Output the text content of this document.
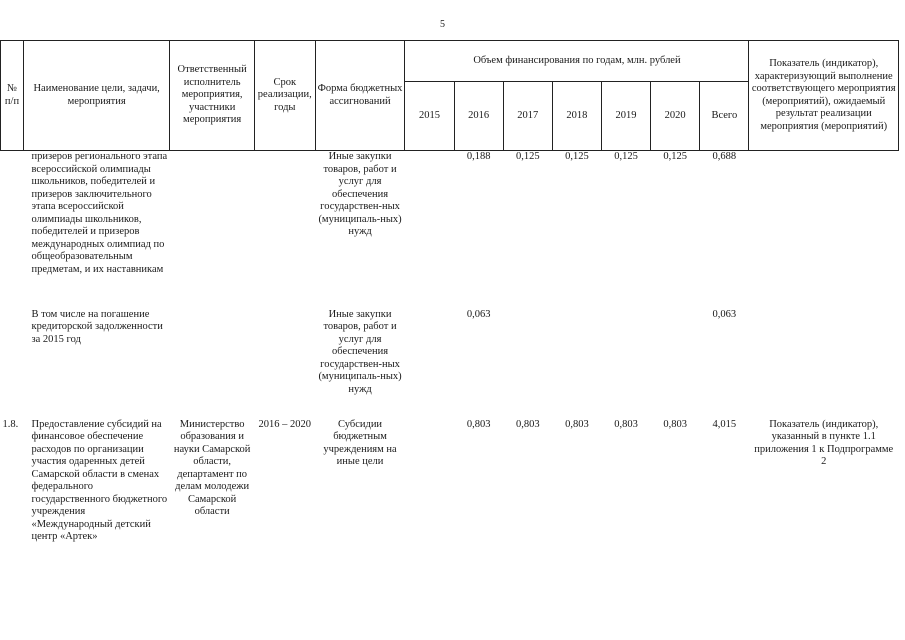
5
№ п/п	Наименование цели, задачи, мероприятия	Ответственный исполнитель мероприятия, участники мероприятия	Срок реализации, годы	Форма бюджетных ассигнований	Объем финансирования по годам, млн. рублей							Показатель (индикатор), характеризующий выполнение соответствующего мероприятия (мероприятий), ожидаемый результат реализации мероприятия (мероприятий)
					2015	2016	2017	2018	2019	2020	Всего	
	призеров регионального этапа всероссийской олимпиады школьников, победителей и призеров заключительного этапа всероссийской олимпиады школьников, победителей и призеров международных олимпиад по общеобразовательным предметам, и их наставникам			Иные закупки товаров, работ и услуг для обеспечения государствен-ных (муниципаль-ных) нужд		0,188	0,125	0,125	0,125	0,125	0,688	
	В том числе на погашение кредиторской задолженности за 2015 год			Иные закупки товаров, работ и услуг для обеспечения государствен-ных (муниципаль-ных) нужд		0,063					0,063	
1.8.	Предоставление субсидий на финансовое обеспечение расходов по организации участия одаренных детей Самарской области в сменах федерального государственного бюджетного учреждения «Международный детский центр «Артек»	Министерство образования и науки Самарской области, департамент по делам молодежи Самарской области	2016 – 2020	Субсидии бюджетным учреждениям на иные цели		0,803	0,803	0,803	0,803	0,803	4,015	Показатель (индикатор), указанный в пункте 1.1 приложения 1 к Подпрограмме 2
